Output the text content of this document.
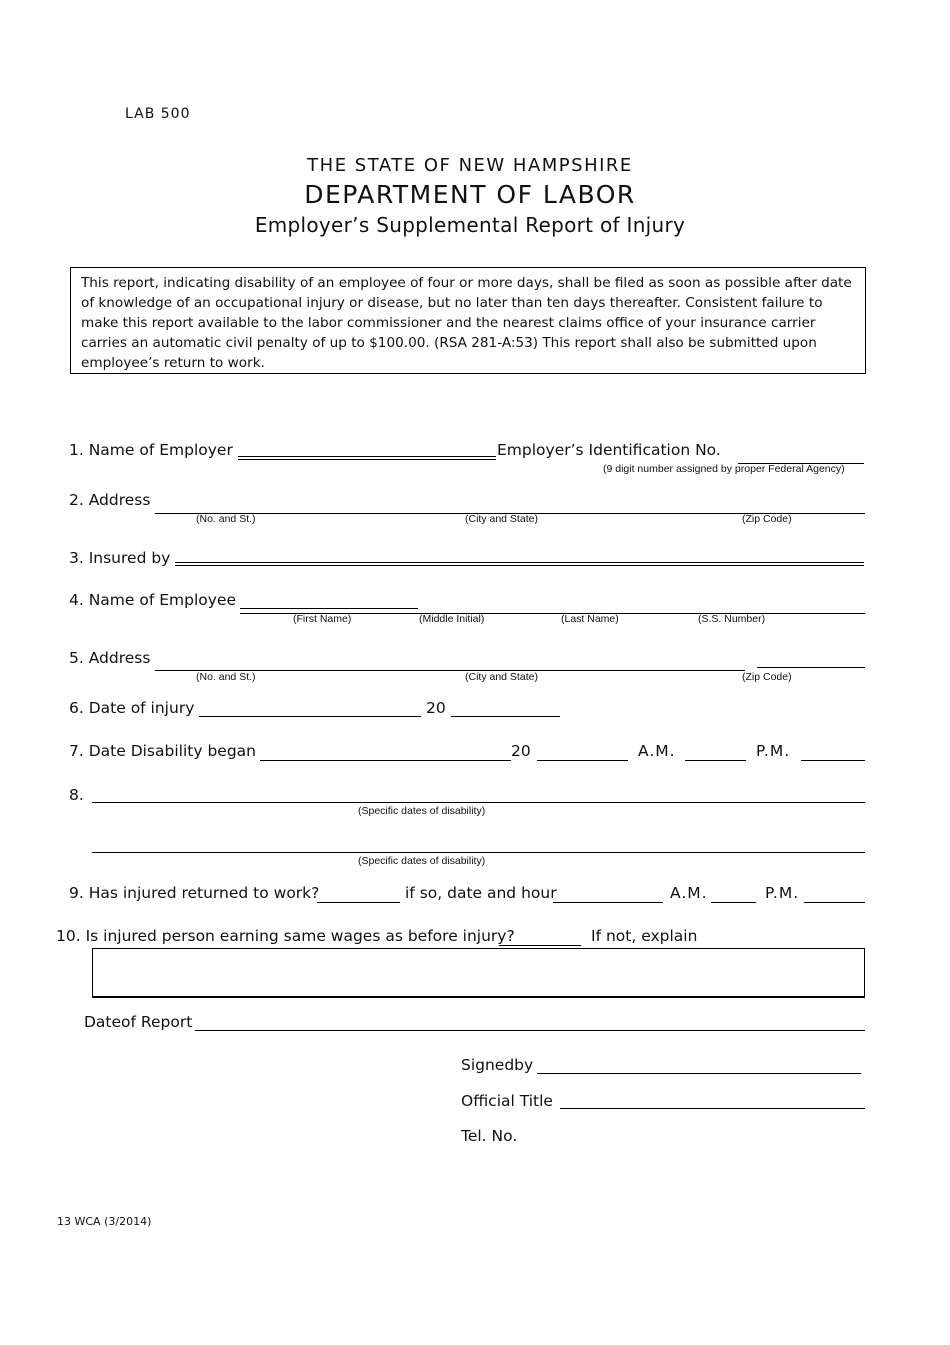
LAB 500
THE STATE OF NEW HAMPSHIRE
DEPARTMENT OF LABOR
Employer’s Supplemental Report of Injury
This report, indicating disability of an employee of four or more days, shall be filed as soon as possible after date of knowledge of an occupational injury or disease, but no later than ten days thereafter. Consistent failure to make this report available to the labor commissioner and the nearest claims office of your insurance carrier carries an automatic civil penalty of up to $100.00. (RSA 281-A:53) This report shall also be submitted upon employee’s return to work.
1. Name of Employer	Employer’s Identification No.
(9 digit number assigned by proper Federal Agency)
2. Address
(No. and St.)	(City and State)	(Zip Code)
3. Insured by
4. Name of Employee
(First Name)	(Middle Initial)	(Last Name)	(S.S. Number)
5. Address
(No. and St.)	(City and State)	(Zip Code)
6. Date of injury	20
7. Date Disability began	20	A.M.	P.M.
8.
(Specific dates of disability)
(Specific dates of disability)
9. Has injured returned to work?	if so, date and hour	A.M.	P.M.
10. Is injured person earning same wages as before injury?	If not, explain
Dateof Report
Signedby
Official Title
Tel. No.
13 WCA (3/2014)
